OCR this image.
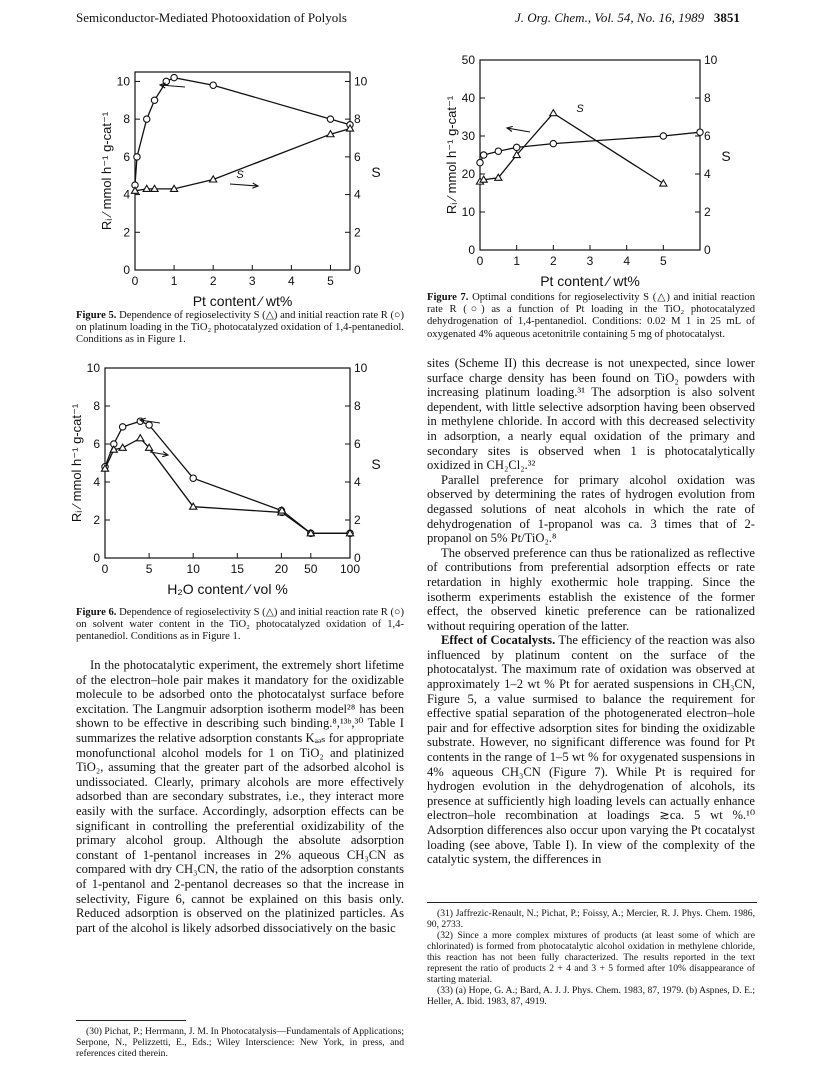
Semiconductor-Mediated Photooxidation of Polyols	J. Org. Chem., Vol. 54, No. 16, 1989 3851
0	1	2	3	4	5
0
2
4
6
8
10
0
2
4
6
8
10
Pt content ∕ wt%
Rᵢ ∕ mmol h⁻¹ g-cat⁻¹	S
S
Figure 5. Dependence of regioselectivity S (△) and initial reaction rate R (○) on platinum loading in the TiO₂ photocatalyzed oxidation of 1,4-pentanediol. Conditions as in Figure 1.
0	5	10	15	20 50 100
0
2
4
6
8
10
0
2
4
6
8
10
H₂O content ∕ vol %
Rᵢ ∕ mmol h⁻¹ g-cat⁻¹	S
Figure 6. Dependence of regioselectivity S (△) and initial reaction rate R (○) on solvent water content in the TiO₂ photocatalyzed oxidation of 1,4-pentanediol. Conditions as in Figure 1.

In the photocatalytic experiment, the extremely short lifetime of the electron–hole pair makes it mandatory for the oxidizable molecule to be adsorbed onto the photocatalyst surface before excitation. The Langmuir adsorption isotherm model²⁸ has been shown to be effective in describing such binding.⁸,¹³ᵇ,³⁰ Table I summarizes the relative adsorption constants Kₐₔₛ for appropriate monofunctional alcohol models for 1 on TiO₂ and platinized TiO₂, assuming that the greater part of the adsorbed alcohol is undissociated. Clearly, primary alcohols are more effectively adsorbed than are secondary substrates, i.e., they interact more easily with the surface. Accordingly, adsorption effects can be significant in controlling the preferential oxidizability of the primary alcohol group. Although the absolute adsorption constant of 1-pentanol increases in 2% aqueous CH₃CN as compared with dry CH₃CN, the ratio of the adsorption constants of 1-pentanol and 2-pentanol decreases so that the increase in selectivity, Figure 6, cannot be explained on this basis only. Reduced adsorption is observed on the platinized particles. As part of the alcohol is likely adsorbed dissociatively on the basic

(30) Pichat, P.; Herrmann, J. M. In Photocatalysis—Fundamentals of Applications; Serpone, N., Pelizzetti, E., Eds.; Wiley Interscience: New York, in press, and references cited therein.

0 1 2 3 4 5
0
10
20
30
40
50
0
2
4
6
8
10
Pt content ∕ wt%
Rᵢ ∕ mmol h⁻¹ g-cat⁻¹	S
S
Figure 7. Optimal conditions for regioselectivity S (△) and initial reaction rate R (○) as a function of Pt loading in the TiO₂ photocatalyzed dehydrogenation of 1,4-pentanediol. Conditions: 0.02 M 1 in 25 mL of oxygenated 4% aqueous acetonitrile containing 5 mg of photocatalyst.

sites (Scheme II) this decrease is not unexpected, since lower surface charge density has been found on TiO₂ powders with increasing platinum loading.³¹ The adsorption is also solvent dependent, with little selective adsorption having been observed in methylene chloride. In accord with this decreased selectivity in adsorption, a nearly equal oxidation of the primary and secondary sites is observed when 1 is photocatalytically oxidized in CH₂Cl₂.³²

Parallel preference for primary alcohol oxidation was observed by determining the rates of hydrogen evolution from degassed solutions of neat alcohols in which the rate of dehydrogenation of 1-propanol was ca. 3 times that of 2-propanol on 5% Pt/TiO₂.⁸

The observed preference can thus be rationalized as reflective of contributions from preferential adsorption effects or rate retardation in highly exothermic hole trapping. Since the isotherm experiments establish the existence of the former effect, the observed kinetic preference can be rationalized without requiring operation of the latter.

Effect of Cocatalysts. The efficiency of the reaction was also influenced by platinum content on the surface of the photocatalyst. The maximum rate of oxidation was observed at approximately 1–2 wt % Pt for aerated suspensions in CH₃CN, Figure 5, a value surmised to balance the requirement for effective spatial separation of the photogenerated electron–hole pair and for effective adsorption sites for binding the oxidizable substrate. However, no significant difference was found for Pt contents in the range of 1–5 wt % for oxygenated suspensions in 4% aqueous CH₃CN (Figure 7). While Pt is required for hydrogen evolution in the dehydrogenation of alcohols, its presence at sufficiently high loading levels can actually enhance electron–hole recombination at loadings ≳ca. 5 wt %.¹⁰ Adsorption differences also occur upon varying the Pt cocatalyst loading (see above, Table I). In view of the complexity of the catalytic system, the differences in

(31) Jaffrezic-Renault, N.; Pichat, P.; Foissy, A.; Mercier, R. J. Phys. Chem. 1986, 90, 2733.

(32) Since a more complex mixtures of products (at least some of which are chlorinated) is formed from photocatalytic alcohol oxidation in methylene chloride, this reaction has not been fully characterized. The results reported in the text represent the ratio of products 2 + 4 and 3 + 5 formed after 10% disappearance of starting material.

(33) (a) Hope, G. A.; Bard, A. J. J. Phys. Chem. 1983, 87, 1979. (b) Aspnes, D. E.; Heller, A. Ibid. 1983, 87, 4919.
